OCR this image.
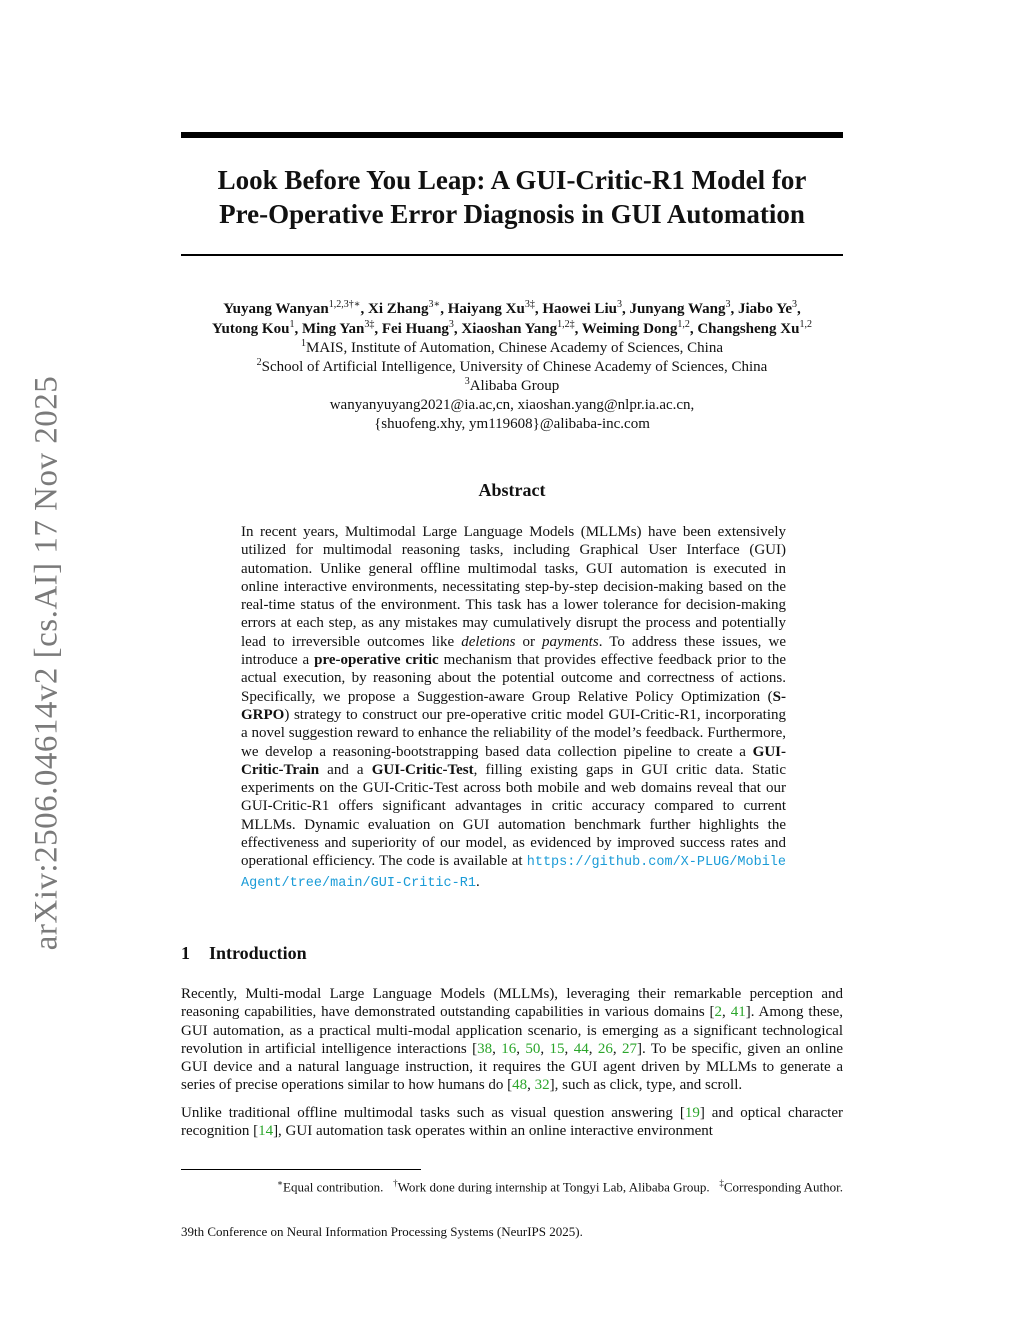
arXiv:2506.04614v2 [cs.AI] 17 Nov 2025
Look Before You Leap: A GUI-Critic-R1 Model for
Pre-Operative Error Diagnosis in GUI Automation
Yuyang Wanyan$^{1,2,3\dagger∗}$, Xi Zhang$^{3∗}$, Haiyang $Xu^{3\ddagger}$, Haowei Liu$^3$, Junyang Wang$^3$, Jiabo Ye$^3$,
Yutong Kou$^1$, Ming Yan$^{3\ddagger}$, Fei Huang$^3$, Xiaoshan Yang$^{1,2\ddagger}$, Weiming Dong$^{1,2}$, Changsheng Xu$^{1,2}$
$^1$MAIS, Institute of Automation, Chinese Academy of Sciences, China
$^2$School of Artificial Intelligence, University of Chinese Academy of Sciences, China
$^3$Alibaba Group
wanyanyuyang2021@ia.ac,cn, xiaoshan.yang@nlpr.ia.ac.cn,
{shuofeng.xhy, ym119608}@alibaba-inc.com
Abstract

In recent years, Multimodal Large Language Models (MLLMs) have been extensively utilized for multimodal reasoning tasks, including Graphical User Interface (GUI) automation. Unlike general offline multimodal tasks, GUI automation is executed in online interactive environments, necessitating step-by-step decision-making based on the real-time status of the environment. This task has a lower tolerance for decision-making errors at each step, as any mistakes may cumulatively disrupt the process and potentially lead to irreversible outcomes like deletions or payments. To address these issues, we introduce a pre-operative critic mechanism that provides effective feedback prior to the actual execution, by reasoning about the potential outcome and correctness of actions. Specifically, we propose a Suggestion-aware Group Relative Policy Optimization (S-GRPO) strategy to construct our pre-operative critic model GUI-Critic-R1, incorporating a novel suggestion reward to enhance the reliability of the model’s feedback. Furthermore, we develop a reasoning-bootstrapping based data collection pipeline to create a GUI-Critic-Train and a GUI-Critic-Test, filling existing gaps in GUI critic data. Static experiments on the GUI-Critic-Test across both mobile and web domains reveal that our GUI-Critic-R1 offers significant advantages in critic accuracy compared to current MLLMs. Dynamic evaluation on GUI automation benchmark further highlights the effectiveness and superiority of our model, as evidenced by improved success rates and operational efficiency. The code is available at https://github.com/X-PLUG/MobileAgent/tree/main/GUI-Critic-R1.

1 Introduction

Recently, Multi-modal Large Language Models (MLLMs), leveraging their remarkable perception and reasoning capabilities, have demonstrated outstanding capabilities in various domains [2, 41]. Among these, GUI automation, as a practical multi-modal application scenario, is emerging as a significant technological revolution in artificial intelligence interactions [38, 16, 50, 15, 44, 26, 27]. To be specific, given an online GUI device and a natural language instruction, it requires the GUI agent driven by MLLMs to generate a series of precise operations similar to how humans do [48, 32], such as click, type, and scroll.

Unlike traditional offline multimodal tasks such as visual question answering [19] and optical character recognition [14], GUI automation task operates within an online interactive environment

∗Equal contribution. †Work done during internship at Tongyi Lab, Alibaba Group. ‡Corresponding Author.
39th Conference on Neural Information Processing Systems (NeurIPS 2025).
